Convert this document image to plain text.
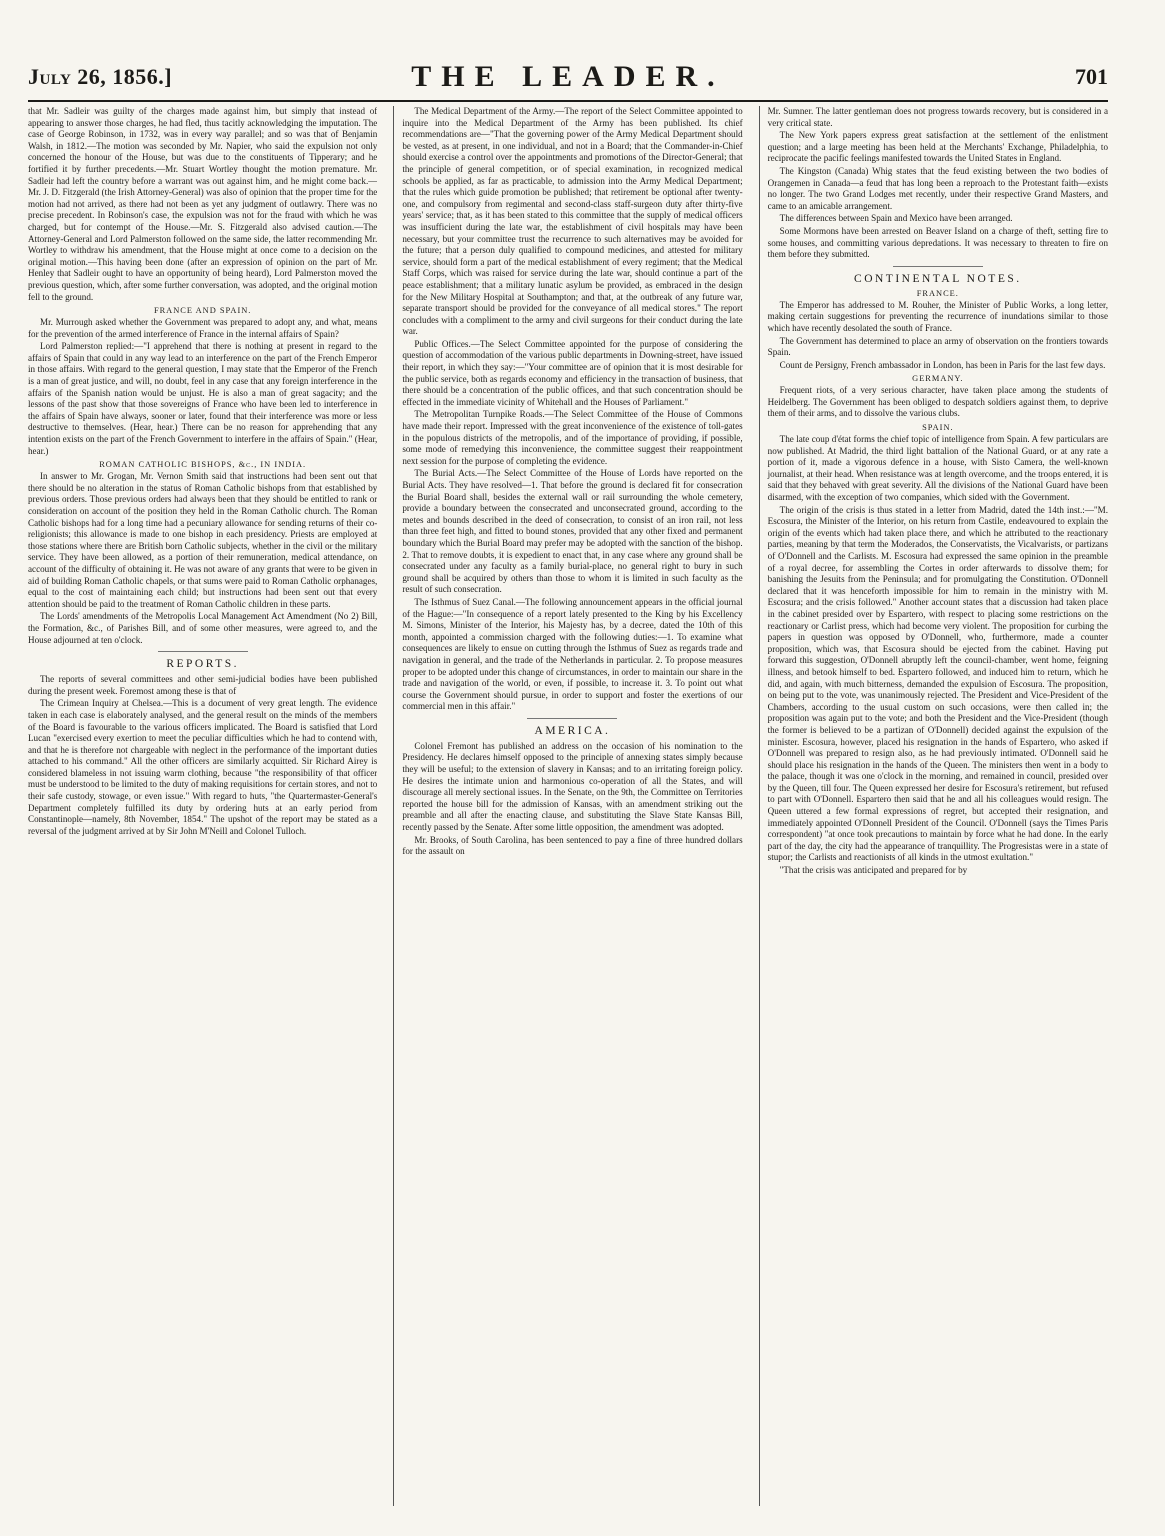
July 26, 1856.]	THE LEADER.	701

that Mr. Sadleir was guilty of the charges made against him, but simply that instead of appearing to answer those charges, he had fled, thus tacitly acknowledging the imputation. The case of George Robinson, in 1732, was in every way parallel; and so was that of Benjamin Walsh, in 1812.—The motion was seconded by Mr. Napier, who said the expulsion not only concerned the honour of the House, but was due to the constituents of Tipperary; and he fortified it by further precedents.—Mr. Stuart Wortley thought the motion premature. Mr. Sadleir had left the country before a warrant was out against him, and he might come back.—Mr. J. D. Fitzgerald (the Irish Attorney-General) was also of opinion that the proper time for the motion had not arrived, as there had not been as yet any judgment of outlawry. There was no precise precedent. In Robinson's case, the expulsion was not for the fraud with which he was charged, but for contempt of the House.—Mr. S. Fitzgerald also advised caution.—The Attorney-General and Lord Palmerston followed on the same side, the latter recommending Mr. Wortley to withdraw his amendment, that the House might at once come to a decision on the original motion.—This having been done (after an expression of opinion on the part of Mr. Henley that Sadleir ought to have an opportunity of being heard), Lord Palmerston moved the previous question, which, after some further conversation, was adopted, and the original motion fell to the ground.

FRANCE AND SPAIN.

Mr. Murrough asked whether the Government was prepared to adopt any, and what, means for the prevention of the armed interference of France in the internal affairs of Spain?

Lord Palmerston replied:—"I apprehend that there is nothing at present in regard to the affairs of Spain that could in any way lead to an interference on the part of the French Emperor in those affairs. With regard to the general question, I may state that the Emperor of the French is a man of great justice, and will, no doubt, feel in any case that any foreign interference in the affairs of the Spanish nation would be unjust. He is also a man of great sagacity; and the lessons of the past show that those sovereigns of France who have been led to interference in the affairs of Spain have always, sooner or later, found that their interference was more or less destructive to themselves. (Hear, hear.) There can be no reason for apprehending that any intention exists on the part of the French Government to interfere in the affairs of Spain." (Hear, hear.)

ROMAN CATHOLIC BISHOPS, &c., IN INDIA.

In answer to Mr. Grogan, Mr. Vernon Smith said that instructions had been sent out that there should be no alteration in the status of Roman Catholic bishops from that established by previous orders. Those previous orders had always been that they should be entitled to rank or consideration on account of the position they held in the Roman Catholic church. The Roman Catholic bishops had for a long time had a pecuniary allowance for sending returns of their co-religionists; this allowance is made to one bishop in each presidency. Priests are employed at those stations where there are British born Catholic subjects, whether in the civil or the military service. They have been allowed, as a portion of their remuneration, medical attendance, on account of the difficulty of obtaining it. He was not aware of any grants that were to be given in aid of building Roman Catholic chapels, or that sums were paid to Roman Catholic orphanages, equal to the cost of maintaining each child; but instructions had been sent out that every attention should be paid to the treatment of Roman Catholic children in these parts.

The Lords' amendments of the Metropolis Local Management Act Amendment (No 2) Bill, the Formation, &c., of Parishes Bill, and of some other measures, were agreed to, and the House adjourned at ten o'clock.

REPORTS.

The reports of several committees and other semi-judicial bodies have been published during the present week. Foremost among these is that of

The Crimean Inquiry at Chelsea.—This is a document of very great length. The evidence taken in each case is elaborately analysed, and the general result on the minds of the members of the Board is favourable to the various officers implicated. The Board is satisfied that Lord Lucan "exercised every exertion to meet the peculiar difficulties which he had to contend with, and that he is therefore not chargeable with neglect in the performance of the important duties attached to his command." All the other officers are similarly acquitted. Sir Richard Airey is considered blameless in not issuing warm clothing, because "the responsibility of that officer must be understood to be limited to the duty of making requisitions for certain stores, and not to their safe custody, stowage, or even issue." With regard to huts, "the Quartermaster-General's Department completely fulfilled its duty by ordering huts at an early period from Constantinople—namely, 8th November, 1854." The upshot of the report may be stated as a reversal of the judgment arrived at by Sir John M'Neill and Colonel Tulloch.

The Medical Department of the Army.—The report of the Select Committee appointed to inquire into the Medical Department of the Army has been published. Its chief recommendations are—"That the governing power of the Army Medical Department should be vested, as at present, in one individual, and not in a Board; that the Commander-in-Chief should exercise a control over the appointments and promotions of the Director-General; that the principle of general competition, or of special examination, in recognized medical schools be applied, as far as practicable, to admission into the Army Medical Department; that the rules which guide promotion be published; that retirement be optional after twenty-one, and compulsory from regimental and second-class staff-surgeon duty after thirty-five years' service; that, as it has been stated to this committee that the supply of medical officers was insufficient during the late war, the establishment of civil hospitals may have been necessary, but your committee trust the recurrence to such alternatives may be avoided for the future; that a person duly qualified to compound medicines, and attested for military service, should form a part of the medical establishment of every regiment; that the Medical Staff Corps, which was raised for service during the late war, should continue a part of the peace establishment; that a military lunatic asylum be provided, as embraced in the design for the New Military Hospital at Southampton; and that, at the outbreak of any future war, separate transport should be provided for the conveyance of all medical stores." The report concludes with a compliment to the army and civil surgeons for their conduct during the late war.

Public Offices.—The Select Committee appointed for the purpose of considering the question of accommodation of the various public departments in Downing-street, have issued their report, in which they say:—"Your committee are of opinion that it is most desirable for the public service, both as regards economy and efficiency in the transaction of business, that there should be a concentration of the public offices, and that such concentration should be effected in the immediate vicinity of Whitehall and the Houses of Parliament."

The Metropolitan Turnpike Roads.—The Select Committee of the House of Commons have made their report. Impressed with the great inconvenience of the existence of toll-gates in the populous districts of the metropolis, and of the importance of providing, if possible, some mode of remedying this inconvenience, the committee suggest their reappointment next session for the purpose of completing the evidence.

The Burial Acts.—The Select Committee of the House of Lords have reported on the Burial Acts. They have resolved—1. That before the ground is declared fit for consecration the Burial Board shall, besides the external wall or rail surrounding the whole cemetery, provide a boundary between the consecrated and unconsecrated ground, according to the metes and bounds described in the deed of consecration, to consist of an iron rail, not less than three feet high, and fitted to bound stones, provided that any other fixed and permanent boundary which the Burial Board may prefer may be adopted with the sanction of the bishop. 2. That to remove doubts, it is expedient to enact that, in any case where any ground shall be consecrated under any faculty as a family burial-place, no general right to bury in such ground shall be acquired by others than those to whom it is limited in such faculty as the result of such consecration.

The Isthmus of Suez Canal.—The following announcement appears in the official journal of the Hague:—"In consequence of a report lately presented to the King by his Excellency M. Simons, Minister of the Interior, his Majesty has, by a decree, dated the 10th of this month, appointed a commission charged with the following duties:—1. To examine what consequences are likely to ensue on cutting through the Isthmus of Suez as regards trade and navigation in general, and the trade of the Netherlands in particular. 2. To propose measures proper to be adopted under this change of circumstances, in order to maintain our share in the trade and navigation of the world, or even, if possible, to increase it. 3. To point out what course the Government should pursue, in order to support and foster the exertions of our commercial men in this affair."

AMERICA.

Colonel Fremont has published an address on the occasion of his nomination to the Presidency. He declares himself opposed to the principle of annexing states simply because they will be useful; to the extension of slavery in Kansas; and to an irritating foreign policy. He desires the intimate union and harmonious co-operation of all the States, and will discourage all merely sectional issues. In the Senate, on the 9th, the Committee on Territories reported the house bill for the admission of Kansas, with an amendment striking out the preamble and all after the enacting clause, and substituting the Slave State Kansas Bill, recently passed by the Senate. After some little opposition, the amendment was adopted.

Mr. Brooks, of South Carolina, has been sentenced to pay a fine of three hundred dollars for the assault on

Mr. Sumner. The latter gentleman does not progress towards recovery, but is considered in a very critical state.

The New York papers express great satisfaction at the settlement of the enlistment question; and a large meeting has been held at the Merchants' Exchange, Philadelphia, to reciprocate the pacific feelings manifested towards the United States in England.

The Kingston (Canada) Whig states that the feud existing between the two bodies of Orangemen in Canada—a feud that has long been a reproach to the Protestant faith—exists no longer. The two Grand Lodges met recently, under their respective Grand Masters, and came to an amicable arrangement.

The differences between Spain and Mexico have been arranged.

Some Mormons have been arrested on Beaver Island on a charge of theft, setting fire to some houses, and committing various depredations. It was necessary to threaten to fire on them before they submitted.

CONTINENTAL NOTES.
FRANCE.

The Emperor has addressed to M. Rouher, the Minister of Public Works, a long letter, making certain suggestions for preventing the recurrence of inundations similar to those which have recently desolated the south of France.

The Government has determined to place an army of observation on the frontiers towards Spain.

Count de Persigny, French ambassador in London, has been in Paris for the last few days.

GERMANY.

Frequent riots, of a very serious character, have taken place among the students of Heidelberg. The Government has been obliged to despatch soldiers against them, to deprive them of their arms, and to dissolve the various clubs.

SPAIN.

The late coup d'état forms the chief topic of intelligence from Spain. A few particulars are now published. At Madrid, the third light battalion of the National Guard, or at any rate a portion of it, made a vigorous defence in a house, with Sisto Camera, the well-known journalist, at their head. When resistance was at length overcome, and the troops entered, it is said that they behaved with great severity. All the divisions of the National Guard have been disarmed, with the exception of two companies, which sided with the Government.

The origin of the crisis is thus stated in a letter from Madrid, dated the 14th inst.:—"M. Escosura, the Minister of the Interior, on his return from Castile, endeavoured to explain the origin of the events which had taken place there, and which he attributed to the reactionary parties, meaning by that term the Moderados, the Conservatists, the Vicalvarists, or partizans of O'Donnell and the Carlists. M. Escosura had expressed the same opinion in the preamble of a royal decree, for assembling the Cortes in order afterwards to dissolve them; for banishing the Jesuits from the Peninsula; and for promulgating the Constitution. O'Donnell declared that it was henceforth impossible for him to remain in the ministry with M. Escosura; and the crisis followed." Another account states that a discussion had taken place in the cabinet presided over by Espartero, with respect to placing some restrictions on the reactionary or Carlist press, which had become very violent. The proposition for curbing the papers in question was opposed by O'Donnell, who, furthermore, made a counter proposition, which was, that Escosura should be ejected from the cabinet. Having put forward this suggestion, O'Donnell abruptly left the council-chamber, went home, feigning illness, and betook himself to bed. Espartero followed, and induced him to return, which he did, and again, with much bitterness, demanded the expulsion of Escosura. The proposition, on being put to the vote, was unanimously rejected. The President and Vice-President of the Chambers, according to the usual custom on such occasions, were then called in; the proposition was again put to the vote; and both the President and the Vice-President (though the former is believed to be a partizan of O'Donnell) decided against the expulsion of the minister. Escosura, however, placed his resignation in the hands of Espartero, who asked if O'Donnell was prepared to resign also, as he had previously intimated. O'Donnell said he should place his resignation in the hands of the Queen. The ministers then went in a body to the palace, though it was one o'clock in the morning, and remained in council, presided over by the Queen, till four. The Queen expressed her desire for Escosura's retirement, but refused to part with O'Donnell. Espartero then said that he and all his colleagues would resign. The Queen uttered a few formal expressions of regret, but accepted their resignation, and immediately appointed O'Donnell President of the Council. O'Donnell (says the Times Paris correspondent) "at once took precautions to maintain by force what he had done. In the early part of the day, the city had the appearance of tranquillity. The Progresistas were in a state of stupor; the Carlists and reactionists of all kinds in the utmost exultation."

"That the crisis was anticipated and prepared for by
